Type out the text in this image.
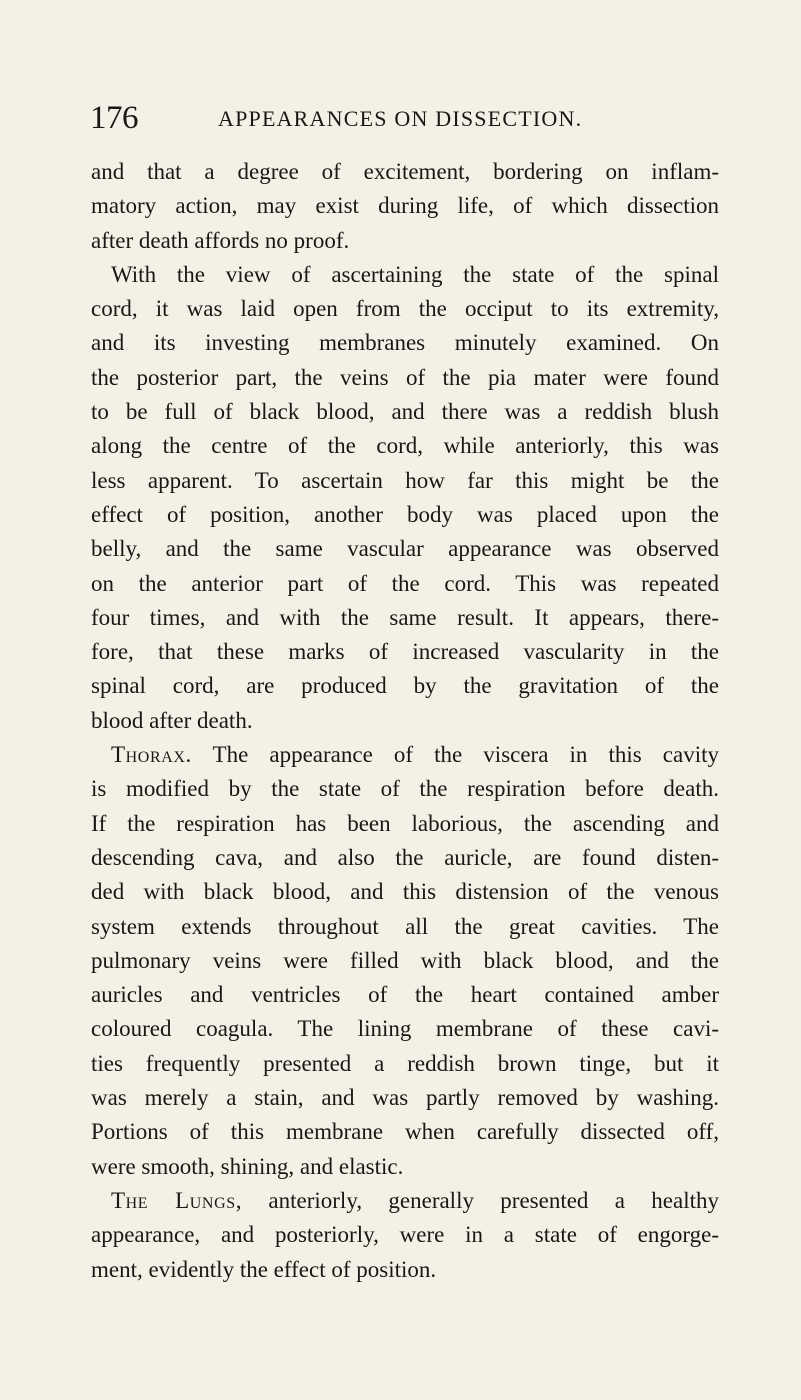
176	APPEARANCES ON DISSECTION.
and that a degree of excitement, bordering on inflam-
matory action, may exist during life, of which dissection
after death affords no proof.
With the view of ascertaining the state of the spinal
cord, it was laid open from the occiput to its extremity,
and its investing membranes minutely examined. On
the posterior part, the veins of the pia mater were found
to be full of black blood, and there was a reddish blush
along the centre of the cord, while anteriorly, this was
less apparent. To ascertain how far this might be the
effect of position, another body was placed upon the
belly, and the same vascular appearance was observed
on the anterior part of the cord. This was repeated
four times, and with the same result. It appears, there-
fore, that these marks of increased vascularity in the
spinal cord, are produced by the gravitation of the
blood after death.
Thorax. The appearance of the viscera in this cavity
is modified by the state of the respiration before death.
If the respiration has been laborious, the ascending and
descending cava, and also the auricle, are found disten-
ded with black blood, and this distension of the venous
system extends throughout all the great cavities. The
pulmonary veins were filled with black blood, and the
auricles and ventricles of the heart contained amber
coloured coagula. The lining membrane of these cavi-
ties frequently presented a reddish brown tinge, but it
was merely a stain, and was partly removed by washing.
Portions of this membrane when carefully dissected off,
were smooth, shining, and elastic.
The Lungs, anteriorly, generally presented a healthy
appearance, and posteriorly, were in a state of engorge-
ment, evidently the effect of position.
